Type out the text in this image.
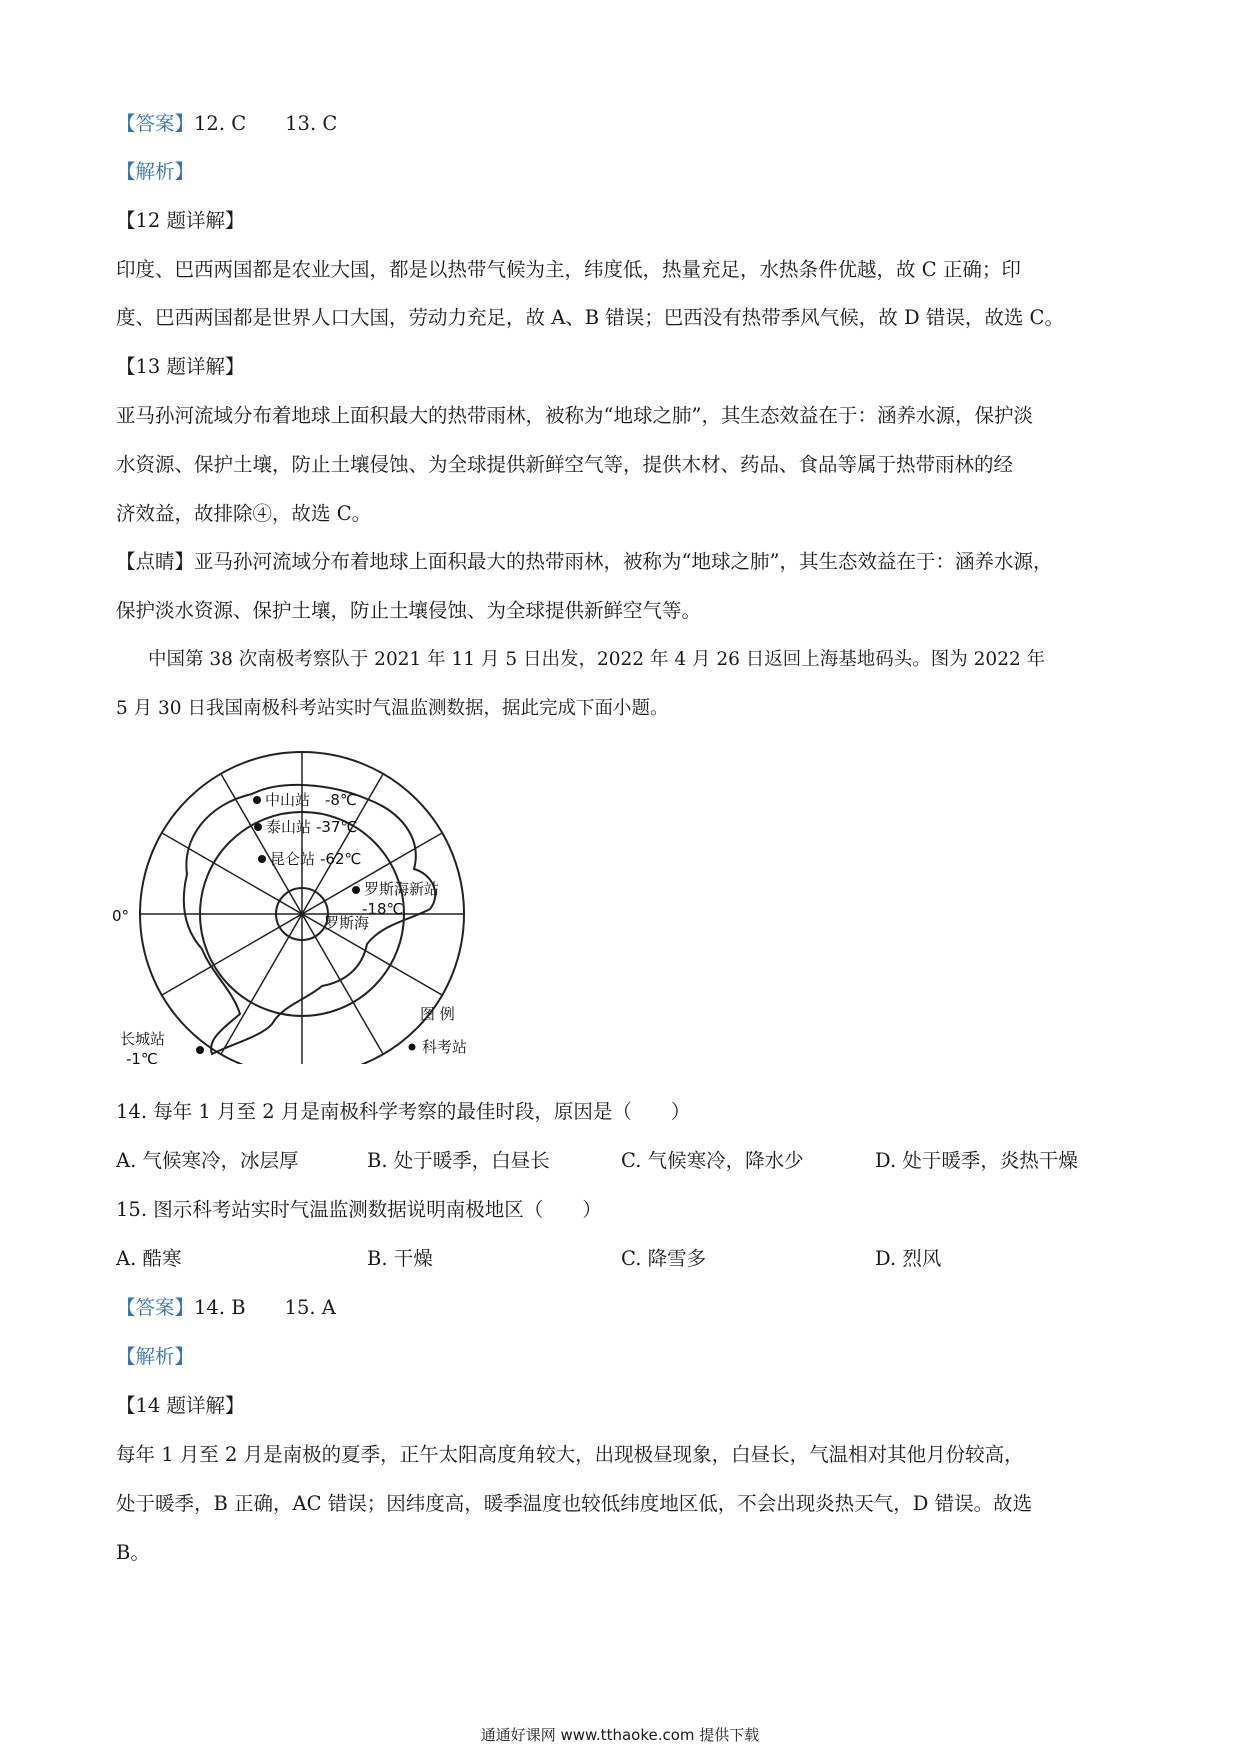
【答案】12. C　　13. C
【解析】
【12 题详解】
印度、巴西两国都是农业大国，都是以热带气候为主，纬度低，热量充足，水热条件优越，故 C 正确；印
度、巴西两国都是世界人口大国，劳动力充足，故 A、B 错误；巴西没有热带季风气候，故 D 错误，故选 C。
【13 题详解】
亚马孙河流域分布着地球上面积最大的热带雨林，被称为“地球之肺”，其生态效益在于：涵养水源，保护淡
水资源、保护土壤，防止土壤侵蚀、为全球提供新鲜空气等，提供木材、药品、食品等属于热带雨林的经
济效益，故排除④，故选 C。
【点睛】亚马孙河流域分布着地球上面积最大的热带雨林，被称为“地球之肺”，其生态效益在于：涵养水源，
保护淡水资源、保护土壤，防止土壤侵蚀、为全球提供新鲜空气等。
中国第 38 次南极考察队于 2021 年 11 月 5 日出发，2022 年 4 月 26 日返回上海基地码头。图为 2022 年
5 月 30 日我国南极科考站实时气温监测数据，据此完成下面小题。
中山站 -8℃
泰山站 -37℃
昆仑站 -62℃
罗斯海新站
-18℃
罗斯海
0°
长城站
-1℃
图 例
科考站
14. 每年 1 月至 2 月是南极科学考察的最佳时段，原因是（　　）
A. 气候寒冷，冰层厚	B. 处于暖季，白昼长	C. 气候寒冷，降水少	D. 处于暖季，炎热干燥
15. 图示科考站实时气温监测数据说明南极地区（　　）
A. 酷寒	B. 干燥	C. 降雪多	D. 烈风
【答案】14. B　　15. A
【解析】
【14 题详解】
每年 1 月至 2 月是南极的夏季，正午太阳高度角较大，出现极昼现象，白昼长，气温相对其他月份较高，
处于暖季，B 正确，AC 错误；因纬度高，暖季温度也较低纬度地区低，不会出现炎热天气，D 错误。故选
B。
通通好课网 www.tthaoke.com 提供下载
